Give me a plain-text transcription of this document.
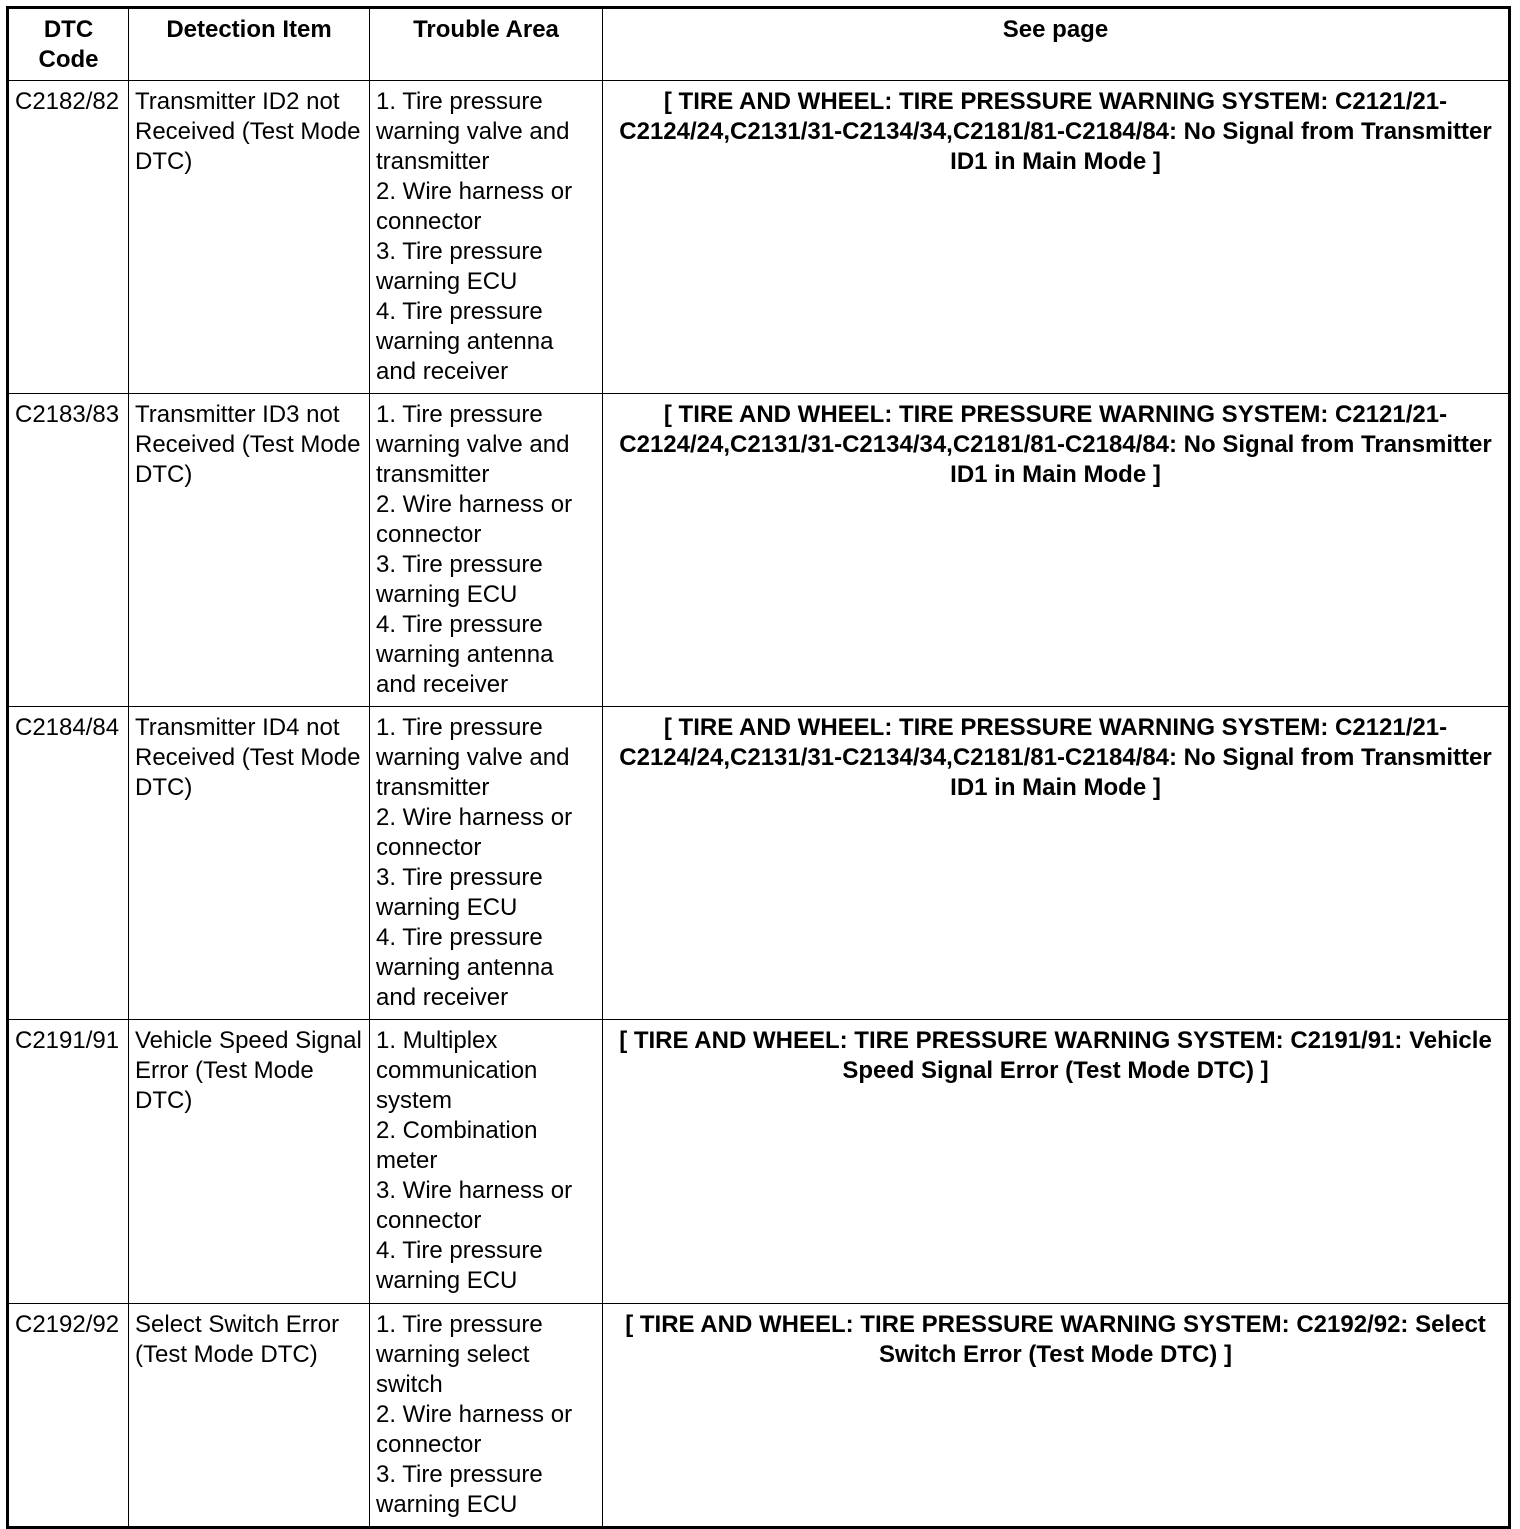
DTC Code	Detection Item	Trouble Area	See page
C2182/82	Transmitter ID2 not Received (Test Mode DTC)	1. Tire pressure warning valve and transmitter
2. Wire harness or connector
3. Tire pressure warning ECU
4. Tire pressure warning antenna and receiver	[ TIRE AND WHEEL: TIRE PRESSURE WARNING SYSTEM: C2121/21-C2124/24,C2131/31-C2134/34,C2181/81-C2184/84: No Signal from Transmitter ID1 in Main Mode ]
C2183/83	Transmitter ID3 not Received (Test Mode DTC)	1. Tire pressure warning valve and transmitter
2. Wire harness or connector
3. Tire pressure warning ECU
4. Tire pressure warning antenna and receiver	[ TIRE AND WHEEL: TIRE PRESSURE WARNING SYSTEM: C2121/21-C2124/24,C2131/31-C2134/34,C2181/81-C2184/84: No Signal from Transmitter ID1 in Main Mode ]
C2184/84	Transmitter ID4 not Received (Test Mode DTC)	1. Tire pressure warning valve and transmitter
2. Wire harness or connector
3. Tire pressure warning ECU
4. Tire pressure warning antenna and receiver	[ TIRE AND WHEEL: TIRE PRESSURE WARNING SYSTEM: C2121/21-C2124/24,C2131/31-C2134/34,C2181/81-C2184/84: No Signal from Transmitter ID1 in Main Mode ]
C2191/91	Vehicle Speed Signal Error (Test Mode DTC)	1. Multiplex communication system
2. Combination meter
3. Wire harness or connector
4. Tire pressure warning ECU	[ TIRE AND WHEEL: TIRE PRESSURE WARNING SYSTEM: C2191/91: Vehicle Speed Signal Error (Test Mode DTC) ]
C2192/92	Select Switch Error (Test Mode DTC)	1. Tire pressure warning select switch
2. Wire harness or connector
3. Tire pressure warning ECU	[ TIRE AND WHEEL: TIRE PRESSURE WARNING SYSTEM: C2192/92: Select Switch Error (Test Mode DTC) ]
